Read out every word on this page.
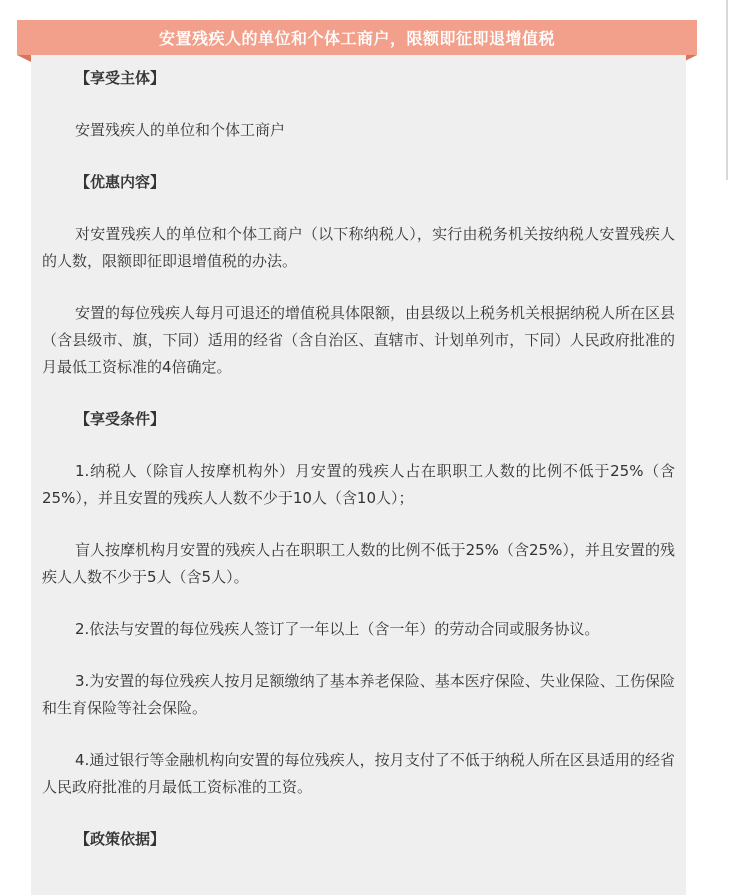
安置残疾人的单位和个体工商户，限额即征即退增值税

【享受主体】

安置残疾人的单位和个体工商户

【优惠内容】

对安置残疾人的单位和个体工商户（以下称纳税人），实行由税务机关按纳税人安置残疾人的人数，限额即征即退增值税的办法。

安置的每位残疾人每月可退还的增值税具体限额，由县级以上税务机关根据纳税人所在区县（含县级市、旗，下同）适用的经省（含自治区、直辖市、计划单列市，下同）人民政府批准的月最低工资标准的4倍确定。

【享受条件】

1.纳税人（除盲人按摩机构外）月安置的残疾人占在职职工人数的比例不低于25%（含25%），并且安置的残疾人人数不少于10人（含10人）；

盲人按摩机构月安置的残疾人占在职职工人数的比例不低于25%（含25%），并且安置的残疾人人数不少于5人（含5人）。

2.依法与安置的每位残疾人签订了一年以上（含一年）的劳动合同或服务协议。

3.为安置的每位残疾人按月足额缴纳了基本养老保险、基本医疗保险、失业保险、工伤保险和生育保险等社会保险。

4.通过银行等金融机构向安置的每位残疾人，按月支付了不低于纳税人所在区县适用的经省人民政府批准的月最低工资标准的工资。

【政策依据】
